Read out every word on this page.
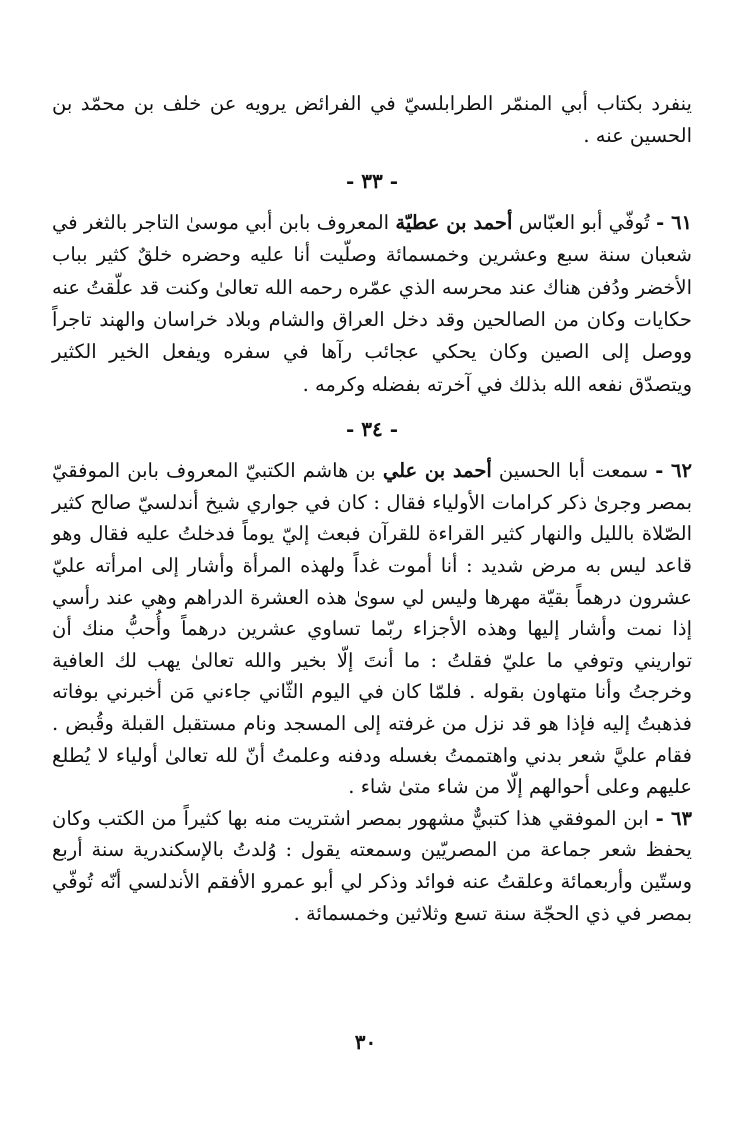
ينفرد بكتاب أبي المنمّر الطرابلسيّ في الفرائض يرويه عن خلف بن محمّد بن الحسين عنه .

- ٣٣ -

٦١ - تُوفّي أبو العبّاس أحمد بن عطيّة المعروف بابن أبي موسىٰ التاجر بالثغر في شعبان سنة سبع وعشرين وخمسمائة وصلّيت أنا عليه وحضره خلقٌ كثير بباب الأخضر ودُفن هناك عند محرسه الذي عمّره رحمه الله تعالىٰ وكنت قد علّقتُ عنه حكايات وكان من الصالحين وقد دخل العراق والشام وبلاد خراسان والهند تاجراً ووصل إلى الصين وكان يحكي عجائب رآها في سفره ويفعل الخير الكثير ويتصدّق نفعه الله بذلك في آخرته بفضله وكرمه .

- ٣٤ -

٦٢ - سمعت أبا الحسين أحمد بن علي بن هاشم الكتبيّ المعروف بابن الموفقيّ بمصر وجرىٰ ذكر كرامات الأولياء فقال : كان في جواري شيخ أندلسيّ صالح كثير الصّلاة بالليل والنهار كثير القراءة للقرآن فبعث إليّ يوماً فدخلتُ عليه فقال وهو قاعد ليس به مرض شديد : أنا أموت غداً ولهذه المرأة وأشار إلى امرأته عليّ عشرون درهماً بقيّة مهرها وليس لي سوىٰ هذه العشرة الدراهم وهي عند رأسي إذا نمت وأشار إليها وهذه الأجزاء ربّما تساوي عشرين درهماً وأُحبُّ منك أن تواريني وتوفي ما عليّ فقلتُ : ما أنتَ إلّا بخير والله تعالىٰ يهب لك العافية وخرجتُ وأنا متهاون بقوله . فلمّا كان في اليوم الثّاني جاءني مَن أخبرني بوفاته فذهبتُ إليه فإذا هو قد نزل من غرفته إلى المسجد ونام مستقبل القبلة وقُبض . فقام عليَّ شعر بدني واهتممتُ بغسله ودفنه وعلمتُ أنّ لله تعالىٰ أولياء لا يُطلع عليهم وعلى أحوالهم إلّا من شاء متىٰ شاء .

٦٣ - ابن الموفقي هذا كتبيٌّ مشهور بمصر اشتريت منه بها كثيراً من الكتب وكان يحفظ شعر جماعة من المصريّين وسمعته يقول : وُلدتُ بالإسكندرية سنة أربع وستّين وأربعمائة وعلقتُ عنه فوائد وذكر لي أبو عمرو الأفقم الأندلسي أنّه تُوفّي بمصر في ذي الحجّة سنة تسع وثلاثين وخمسمائة .

٣٠
